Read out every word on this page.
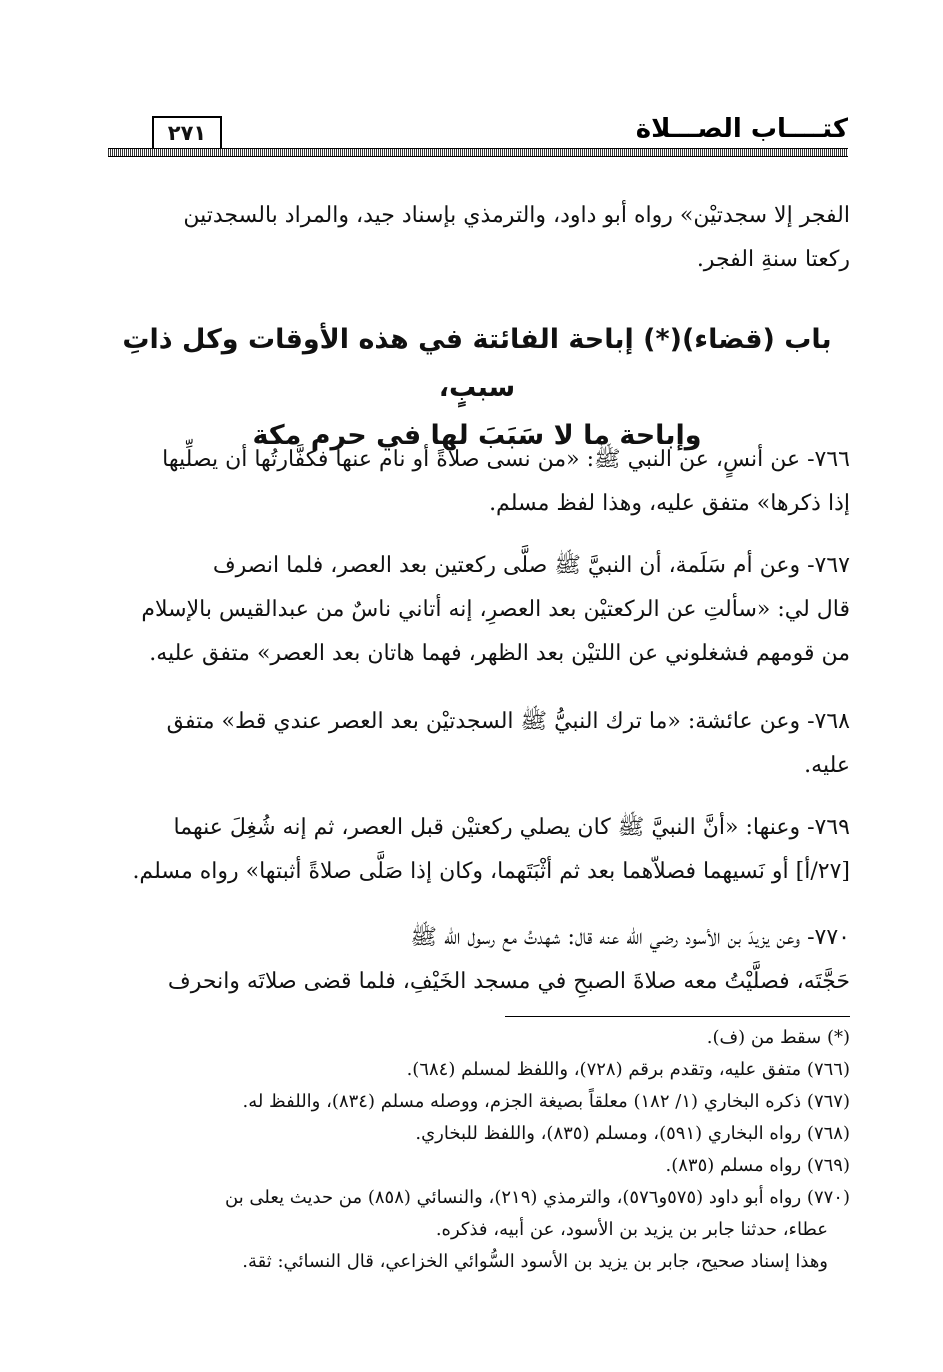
كتــــاب الصـــلاة
٢٧١
الفجر إلا سجدتيْن» رواه أبو داود، والترمذي بإسناد جيد، والمراد بالسجدتين
ركعتا سنةِ الفجر.
باب (قضاء)(*) إباحة الفائتة في هذه الأوقات وكل ذاتِ سببٍ،
وإباحة ما لا سَبَبَ لها في حرم مكة
٧٦٦- عن أنسٍ، عن النبي ﷺ: «من نسى صلاةً أو نام عنها فكفَّارتُها أن يصلِّيها
إذا ذكرها» متفق عليه، وهذا لفظ مسلم.
٧٦٧- وعن أم سَلَمة، أن النبيَّ ﷺ صلَّى ركعتين بعد العصر، فلما انصرف
قال لي: «سألتِ عن الركعتيْن بعد العصرِ، إنه أتاني ناسٌ من عبدالقيس بالإسلام
من قومهم فشغلوني عن اللتيْن بعد الظهر، فهما هاتان بعد العصر» متفق عليه.
٧٦٨- وعن عائشة: «ما ترك النبيُّ ﷺ السجدتيْن بعد العصر عندي قط» متفق
عليه.
٧٦٩- وعنها: «أنَّ النبيَّ ﷺ كان يصلي ركعتيْن قبل العصر، ثم إنه شُغِلَ عنهما
[٢٧/أ] أو نَسيهما فصلاّهما بعد ثم أثْبَتَهما، وكان إذا صَلَّى صلاةً أثبتها» رواه مسلم.
٧٧٠- وعن يزيدَ بن الأسود رضي الله عنه قال: شهدتُ مع رسول الله ﷺ
حَجَّتَه، فصلَّيْتُ معه صلاةَ الصبحِ في مسجد الخَيْفِ، فلما قضى صلاتَه وانحرف
(*) سقط من (ف).
(٧٦٦) متفق عليه، وتقدم برقم (٧٢٨)، واللفظ لمسلم (٦٨٤).
(٧٦٧) ذكره البخاري (١/ ١٨٢) معلقاً بصيغة الجزم، ووصله مسلم (٨٣٤)، واللفظ له.
(٧٦٨) رواه البخاري (٥٩١)، ومسلم (٨٣٥)، واللفظ للبخاري.
(٧٦٩) رواه مسلم (٨٣٥).
(٧٧٠) رواه أبو داود (٥٧٥و٥٧٦)، والترمذي (٢١٩)، والنسائي (٨٥٨) من حديث يعلى بن
عطاء، حدثنا جابر بن يزيد بن الأسود، عن أبيه، فذكره.
وهذا إسناد صحيح، جابر بن يزيد بن الأسود السُّوائي الخزاعي، قال النسائي: ثقة.
